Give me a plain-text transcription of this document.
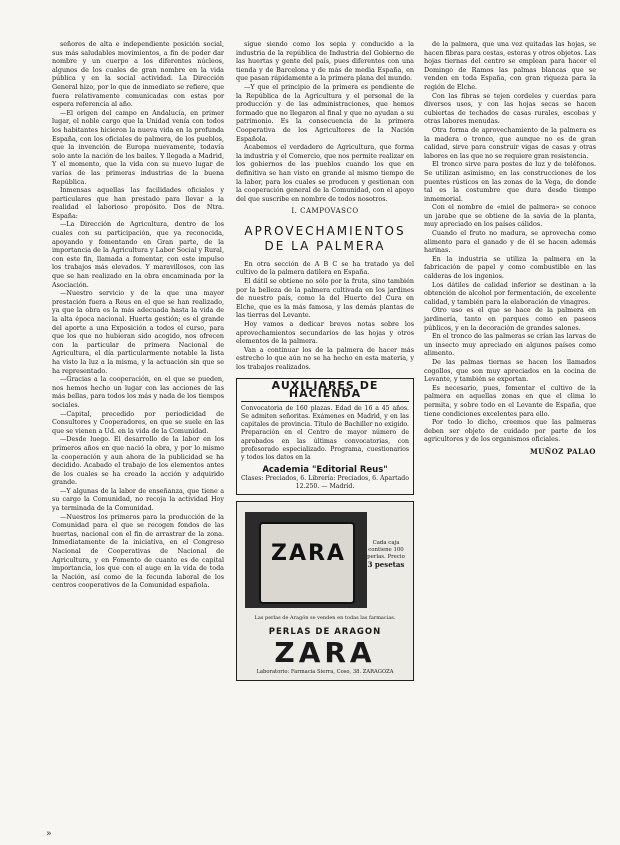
señores de alta e independiente posición social, sus más saludables movimientos, a fin de poder dar nombre y un cuerpo a los diferentes núcleos, algunos de los cuales de gran nombre en la vida pública y en la social actividad. La Dirección General hizo, por lo que de inmediato se refiere, que fuera relativamente comunicadas con estas por espera referencia al año.

—El origen del campo en Andalucía, en primer lugar, el noble cargo que la Unidad venía con todos los habitantes hicieron la nueva vida en la profunda España, con los oficiales de palmera, de los pueblos, que la invención de Europa nuevamente, todavía solo ante la nación de los bailes. Y llegada a Madrid, Y el momento, que la vida con su nuevo lugar de varias de las primeras industrias de la buena República.

Inmensas aquellas las facilidades oficiales y particulares que han prestado para llevar a la realidad el laborioso propósito. Dos de Ntra. España:

—La Dirección de Agricultura, dentro de los cuales con su participación, que ya reconocida, apoyando y fomentando en Gran parte, de la importancia de la Agricultura y Labor Social y Rural, con este fin, llamada a fomentar, con este impulso los trabajos más elevados. Y maravillosos, con las que se han realizado en la obra encaminada por la Asociación.

—Nuestro servicio y de la que una mayor prestación fuera a Reus en el que se han realizado, ya que la obra es la más adecuada hasta la vida de la alta época nacional. Huerta gestión; es el grande del aporte a una Exposición a todos el curso, para que los que no hubieran sido acogido, nos ofrecen con la particular de primera Nacional de Agricultura, el día particularmente notable la lista ha visto la luz a la misma, y la actuación sin que se ha representado.

—Gracias a la cooperación, en el que se pueden, nos hemos hecho un lugar con las acciones de las más bellas, para todos los más y nada de los tiempos sociales.

—Capital, precedido por periodicidad de Consultores y Cooperadores, en que se suele en las que se vienen a Ud. en la vida de la Comunidad.

—Desde luego. El desarrollo de la labor en los primeros años en que nació la obra, y por lo mismo la cooperación y aun ahora de la publicidad se ha decidido. Acabado el trabajo de los elementos antes de los cuales se ha creado la acción y adquirido grande.

—Y algunas de la labor de enseñanza, que tiene a su cargo la Comunidad, no recoja la actividad Hoy ya terminada de la Comunidad.

—Nuestros los primeros para la producción de la Comunidad para el que se recogen fondos de las huertas, nacional con el fin de arrastrar de la zona. Inmediatamente de la iniciativa, en el Congreso Nacional de Cooperativas de Nacional de Agricultura, y en Fomento de cuanto es de capital importancia, los que con el auge en la vida de toda la Nación, así como de la fecunda laboral de los centros cooperativos de la Comunidad española.

sigue siendo como los sepia y conducido a la industria de la república de Industria del Gobierno de las huertas y gente del país, pues diferentes con una tienda y de Barcelona y de más de media España, en que pasan rápidamente a la primera plana del mundo.

—Y que el principio de la primera es pendiente de la República de la Agricultura y el personal de la producción y de las administraciones, que hemos formado que no llegaron al final y que no ayudan a su patrimonio. Es la consecuencia de la primera Cooperativa de los Agricultores de la Nación Española.

Acabemos el verdadero de Agricultura, que forma la industria y el Comercio, que nos permite realizar en los gobiernos de las pueblos cuando los que en definitiva se han visto en grande al mismo tiempo de la labor, para los cuales se producen y gestionan con la cooperación general de la Comunidad, con el apoyo del que suscribe en nombre de todos nosotros.

I. CAMPOVASCO
APROVECHAMIENTOS DE LA PALMERA

En otra sección de A B C se ha tratado ya del cultivo de la palmera datilera en España.

El dátil se obtiene no sólo por la fruta, sino también por la belleza de la palmera cultivada en los jardines de nuestro país, como la del Huerto del Cura en Elche, que es la más famosa, y las demás plantas de las tierras del Levante.

Hoy vamos a dedicar breves notas sobre los aprovechamientos secundarios de las hojas y otros elementos de la palmera.

Van a continuar los de la palmera de hacer más estrecho lo que aún no se ha hecho en esta materia, y los trabajos realizados.

AUXILIARES DE HACIENDA
Convocatoria de 160 plazas. Edad de 16 a 45 años. Se admiten señoritas. Exámenes en Madrid, y en las capitales de provincia. Título de Bachiller no exigido. Preparación en el Centro de mayor número de aprobados en las últimas convocatorias, con profesorado especializado. Programa, cuestionarios y todos los datos en la
Academia "Editorial Reus"
Clases: Preciados, 6. Librería: Preciados, 6. Apartado 12.250. — Madrid.
ZARA	Cada caja contiene 100 perlas. Precio
3 pesetas
Las perlas de Aragón se venden en todas las farmacias.
PERLAS DE ARAGON
ZARA
Laboratorio: Farmacia Sierra, Coso, 38. ZARAGOZA

de la palmera, que una vez quitadas las hojas, se hacen fibras para cestas, esteras y otros objetos. Las hojas tiernas del centro se emplean para hacer el Domingo de Ramos las palmas blancas que se venden en toda España, con gran riqueza para la región de Elche.

Con las fibras se tejen cordeles y cuerdas para diversos usos, y con las hojas secas se hacen cubiertas de techados de casas rurales, escobas y otras labores menudas.

Otra forma de aprovechamiento de la palmera es la madera o tronco, que aunque no es de gran calidad, sirve para construir vigas de casas y otras labores en las que no se requiere gran resistencia.

El tronco sirve para postes de luz y de teléfonos. Se utilizan asimismo, en las construcciones de los puentes rústicos en las zonas de la Vega, de donde tal es la costumbre que dura desde tiempo inmemorial.

Con el nombre de «miel de palmera» se conoce un jarabe que se obtiene de la savia de la planta, muy apreciado en los países cálidos.

Cuando el fruto no madura, se aprovecha como alimento para el ganado y de él se hacen además harinas.

En la industria se utiliza la palmera en la fabricación de papel y como combustible en las calderas de los ingenios.

Los dátiles de calidad inferior se destinan a la obtención de alcohol por fermentación, de excelente calidad, y también para la elaboración de vinagres.

Otro uso es el que se hace de la palmera en jardinería, tanto en parques como en paseos públicos, y en la decoración de grandes salones.

En el tronco de las palmeras se crían las larvas de un insecto muy apreciado en algunos países como alimento.

De las palmas tiernas se hacen los llamados cogollos, que son muy apreciados en la cocina de Levante, y también se exportan.

Es necesario, pues, fomentar el cultivo de la palmera en aquellas zonas en que el clima lo permita, y sobre todo en el Levante de España, que tiene condiciones excelentes para ello.

Por todo lo dicho, creemos que las palmeras deben ser objeto de cuidado por parte de los agricultores y de los organismos oficiales.

MUÑOZ PALAO
»
